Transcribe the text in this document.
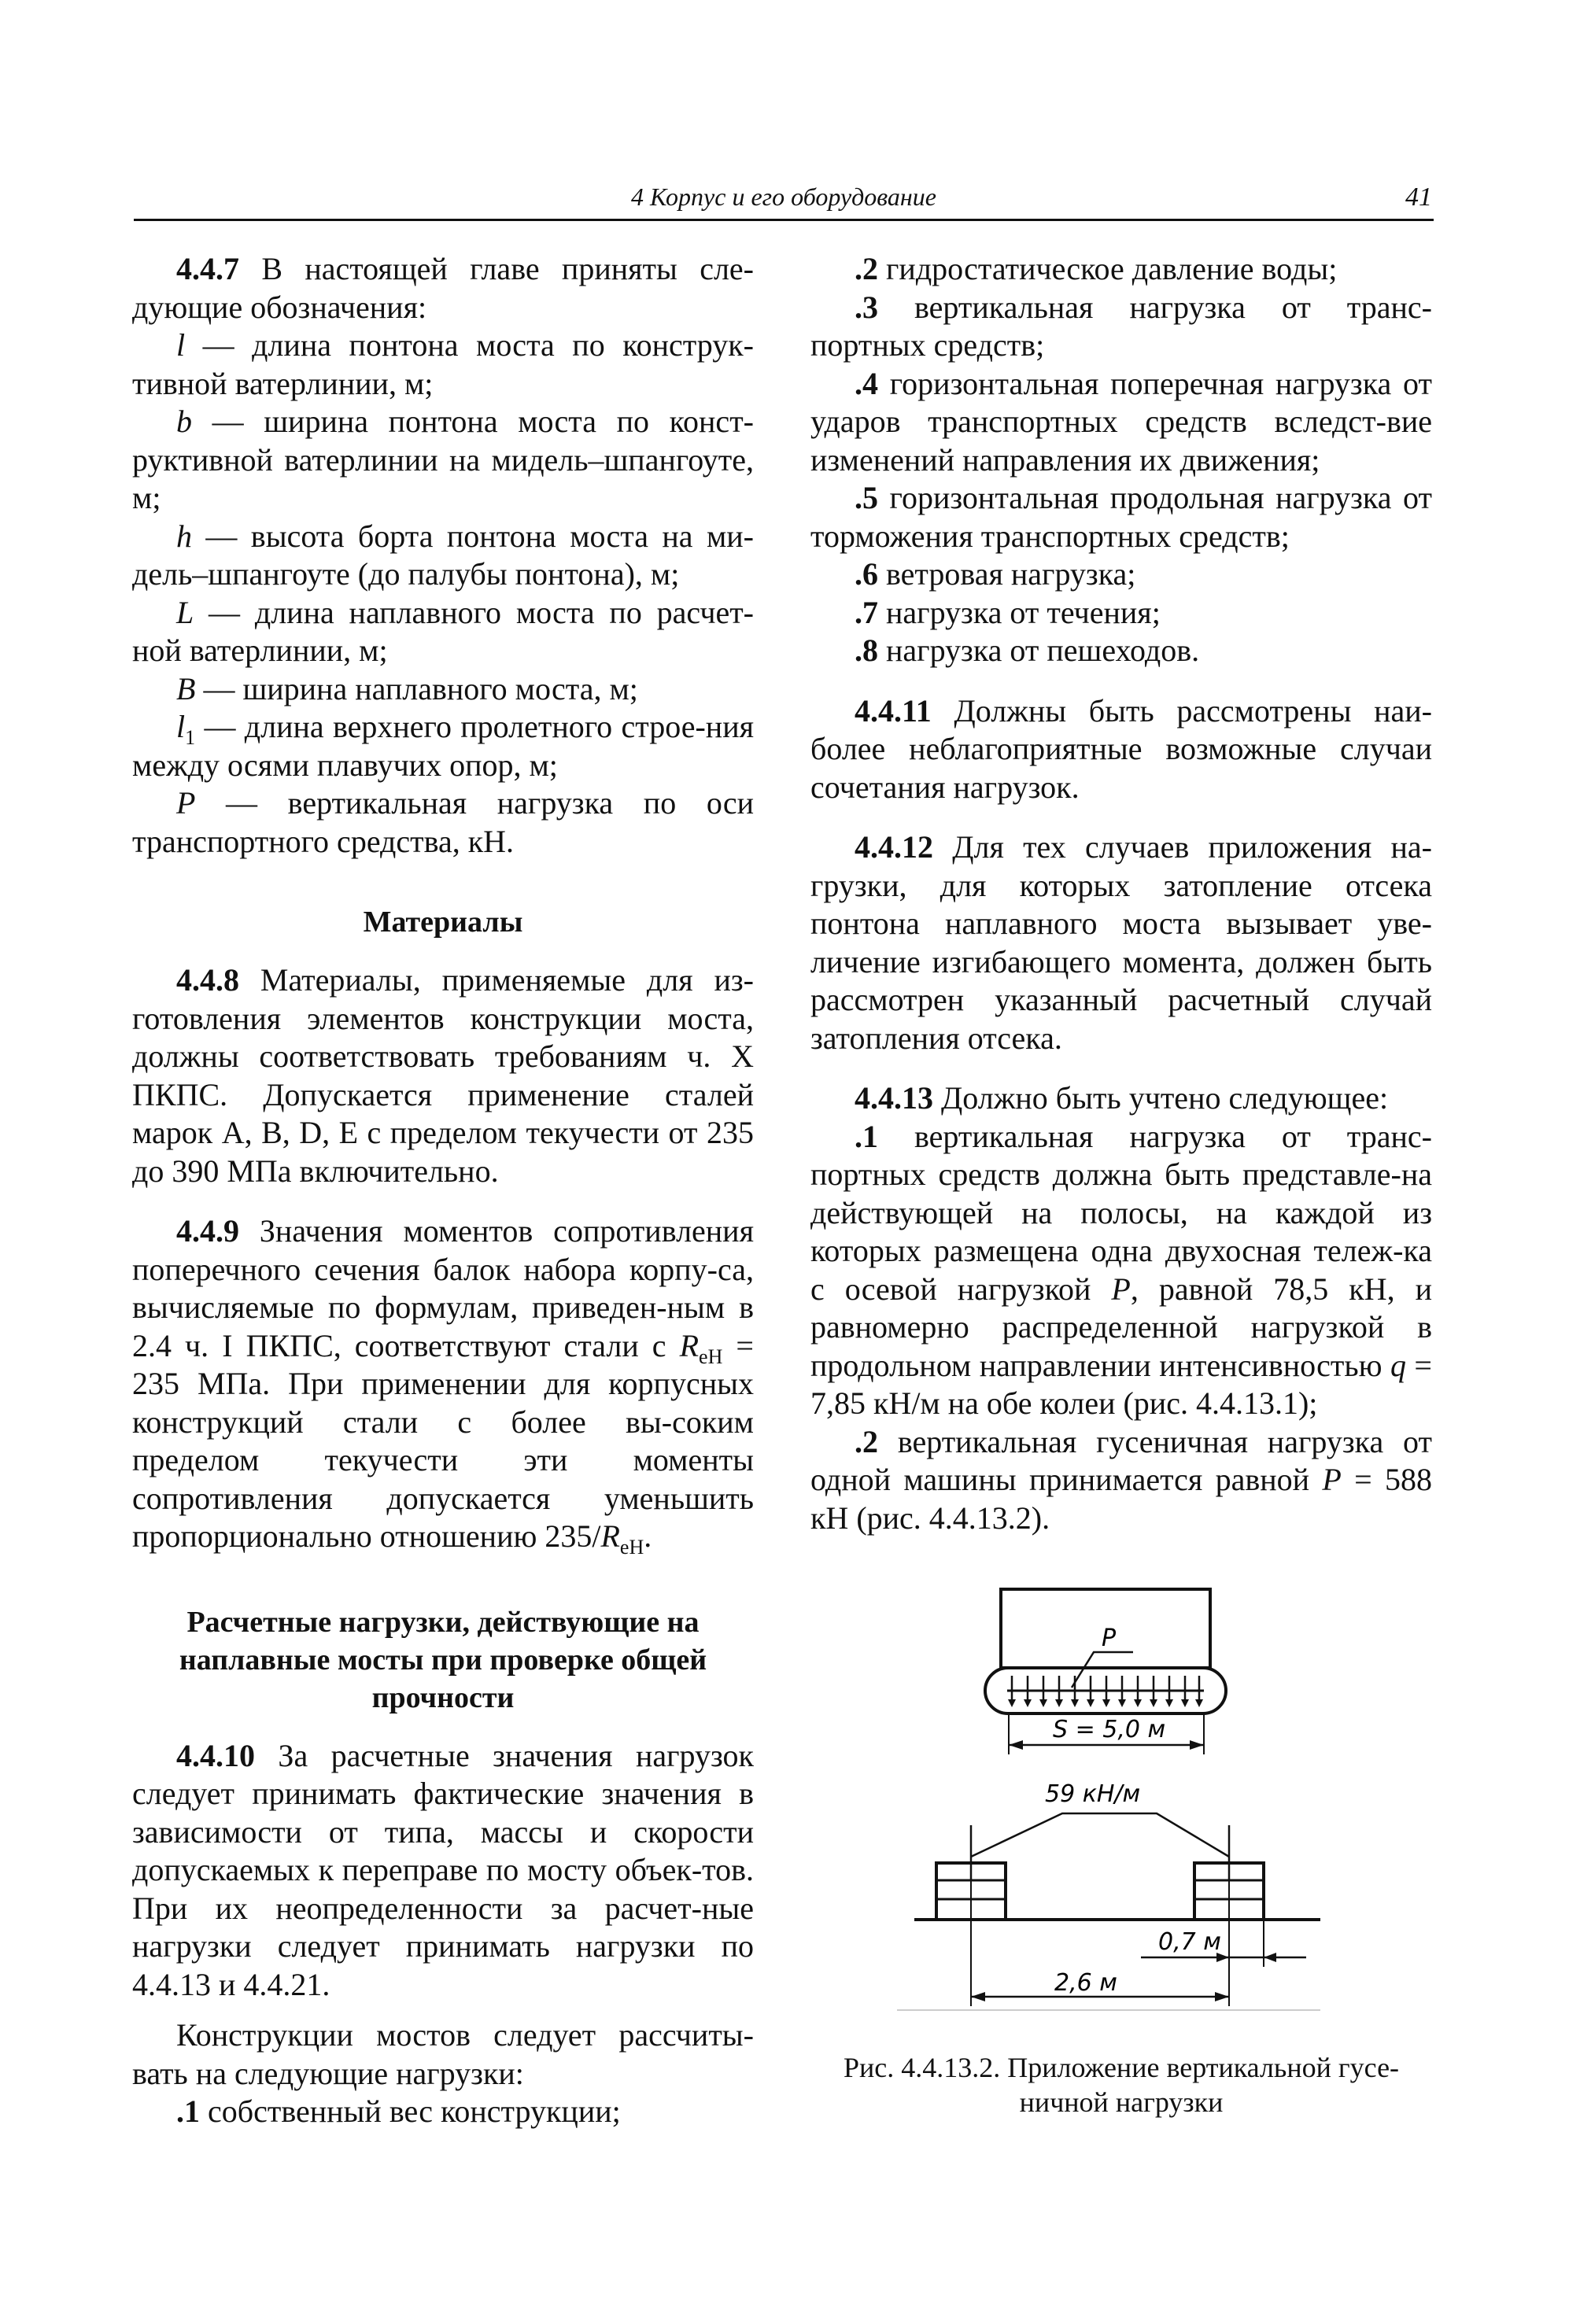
4 Корпус и его оборудование	41

4.4.7 В настоящей главе приняты сле-дующие обозначения:

l — длина понтона моста по конструк-тивной ватерлинии, м;

b — ширина понтона моста по конст-руктивной ватерлинии на мидель–шпангоуте, м;

h — высота борта понтона моста на ми-дель–шпангоуте (до палубы понтона), м;

L — длина наплавного моста по расчет-ной ватерлинии, м;

B — ширина наплавного моста, м;

$l_1$ — длина верхнего пролетного строе-ния между осями плавучих опор, м;

P — вертикальная нагрузка по оси транспортного средства, кН.

Материалы

4.4.8 Материалы, применяемые для из-готовления элементов конструкции моста, должны соответствовать требованиям ч. X ПКПС. Допускается применение сталей марок А, В, D, Е с пределом текучести от 235 до 390 МПа включительно.

4.4.9 Значения моментов сопротивления поперечного сечения балок набора корпу-са, вычисляемые по формулам, приведен-ным в 2.4 ч. I ПКПС, соответствуют стали с $R_{eH} = 235$ МПа. При применении для корпусных конструкций стали с более вы-соким пределом текучести эти моменты сопротивления допускается уменьшить пропорционально отношению $235/R_{eH}$.

Расчетные нагрузки, действующие на наплавные мосты при проверке общей прочности

4.4.10 За расчетные значения нагрузок следует принимать фактические значения в зависимости от типа, массы и скорости допускаемых к переправе по мосту объек-тов. При их неопределенности за расчет-ные нагрузки следует принимать нагрузки по 4.4.13 и 4.4.21.

Конструкции мостов следует рассчиты-вать на следующие нагрузки:

.1 собственный вес конструкции;

.2 гидростатическое давление воды;

.3 вертикальная нагрузка от транс-портных средств;

.4 горизонтальная поперечная нагрузка от ударов транспортных средств вследст-вие изменений направления их движения;

.5 горизонтальная продольная нагрузка от торможения транспортных средств;

.6 ветровая нагрузка;

.7 нагрузка от течения;

.8 нагрузка от пешеходов.

4.4.11 Должны быть рассмотрены наи-более неблагоприятные возможные случаи сочетания нагрузок.

4.4.12 Для тех случаев приложения на-грузки, для которых затопление отсека понтона наплавного моста вызывает уве-личение изгибающего момента, должен быть рассмотрен указанный расчетный случай затопления отсека.

4.4.13 Должно быть учтено следующее:

.1 вертикальная нагрузка от транс-портных средств должна быть представле-на действующей на полосы, на каждой из которых размещена одна двухосная тележ-ка с осевой нагрузкой P, равной 78,5 кН, и равномерно распределенной нагрузкой в продольном направлении интенсивностью q = 7,85 кН/м на обе колеи (рис. 4.4.13.1);

.2 вертикальная гусеничная нагрузка от одной машины принимается равной P = 588 кН (рис. 4.4.13.2).

P
S = 5,0 м
59 кН/м
0,7 м
2,6 м
Рис. 4.4.13.2. Приложение вертикальной гусе-ничной нагрузки
